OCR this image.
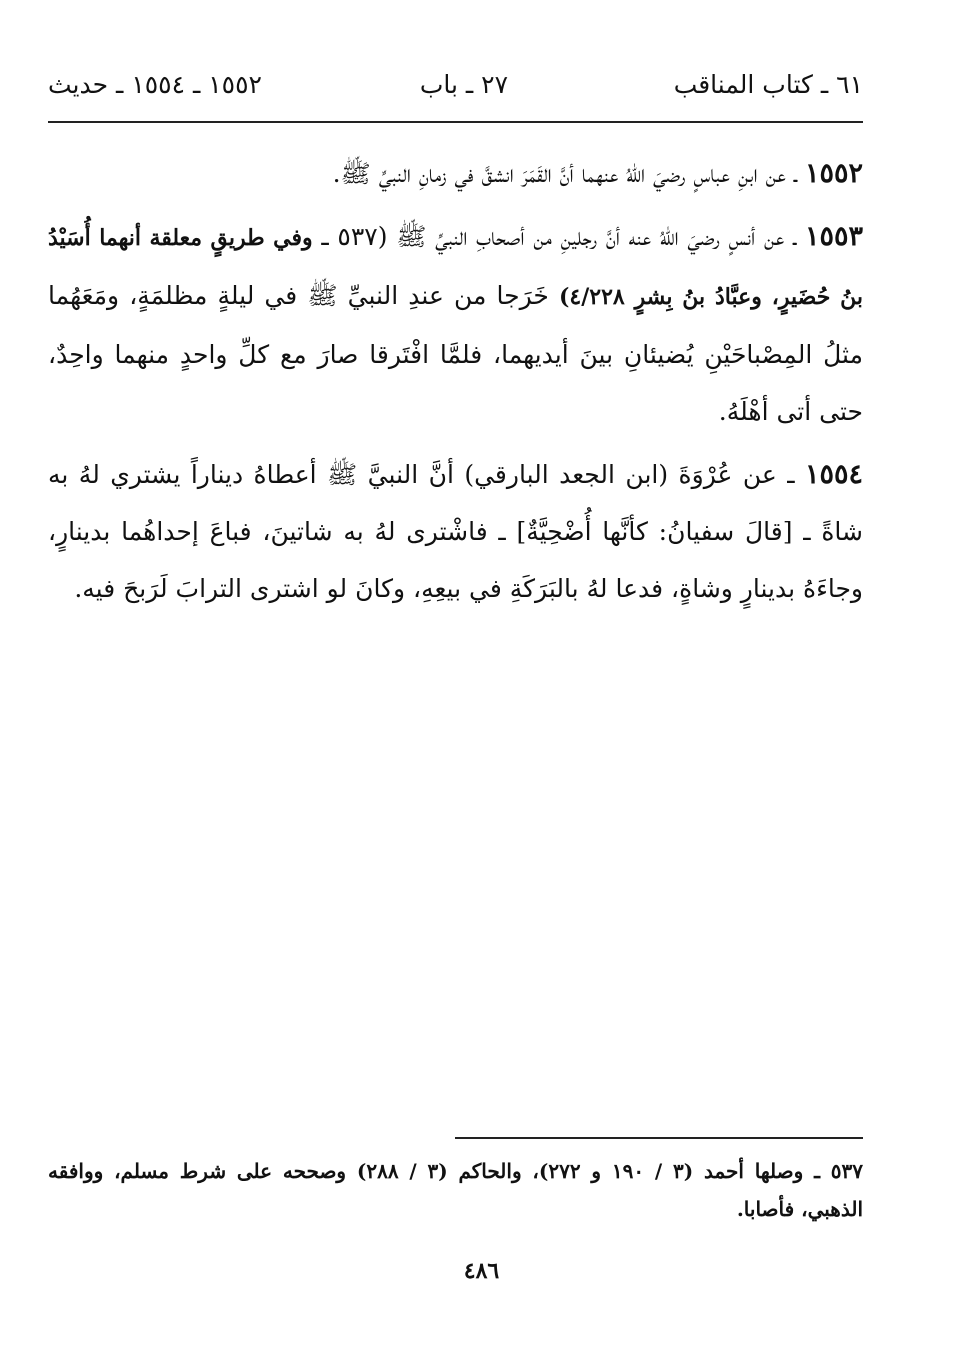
٦١ ـ كتاب المناقب
٢٧ ـ باب
١٥٥٢ ـ ١٥٥٤ ـ حديث

١٥٥٢ ـ عن ابنِ عباسٍ رضيَ اللهُ عنهما أنَّ القَمَرَ انشقَّ في زمانِ النبيِّ ﷺ.

١٥٥٣ ـ عن أنسٍ رضيَ اللهُ عنه أنَّ رجلينِ من أصحابِ النبيِّ ﷺ (٥٣٧ ـ وفي طريقٍ معلقة أنهما أُسَيْدُ بنُ حُضَيرٍ، وعبَّادُ بنُ بِشرٍ ٤/٢٢٨) خَرَجا من عندِ النبيِّ ﷺ في ليلةٍ مظلمَةٍ، ومَعَهُما مثلُ المِصْباحَيْنِ يُضيئانِ بينَ أيديهما، فلمَّا افْتَرقا صارَ مع كلِّ واحدٍ منهما واحِدٌ، حتى أتى أهْلَهُ.

١٥٥٤ ـ عن عُرْوَةَ (ابن الجعد البارقي) أنَّ النبيَّ ﷺ أعطاهُ ديناراً يشتري لهُ به شاةً ـ [قالَ سفيانُ: كأنَّها أُضْحِيَّةٌ] ـ فاشْترى لهُ به شاتينَ، فباعَ إحداهُما بدينارٍ، وجاءَهُ بدينارٍ وشاةٍ، فدعا لهُ بالبَرَكَةِ في بيعِهِ، وكانَ لو اشترى الترابَ لَرَبحَ فيه.

٥٣٧ ـ وصلها أحمد (٣ / ١٩٠ و ٢٧٢)، والحاكم (٣ / ٢٨٨) وصححه على شرط مسلم، ووافقه الذهبي، فأصابا.
٤٨٦
